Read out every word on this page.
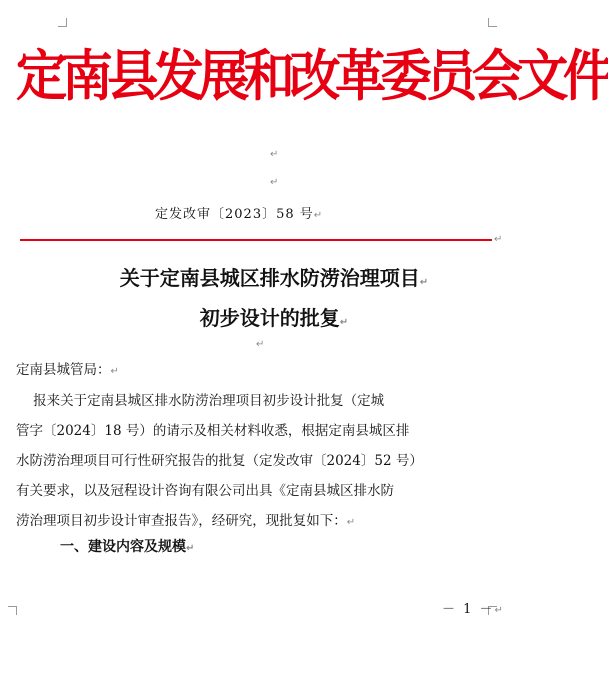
定南县发展和改革委员会文件
↵
↵
定发改审〔2023〕58 号↵
↵
关于定南县城区排水防涝治理项目↵
初步设计的批复↵
↵
定南县城管局：↵
报来关于定南县城区排水防涝治理项目初步设计批复（定城
管字〔2024〕18 号）的请示及相关材料收悉，根据定南县城区排
水防涝治理项目可行性研究报告的批复（定发改审〔2024〕52 号）
有关要求，以及冠程设计咨询有限公司出具《定南县城区排水防
涝治理项目初步设计审查报告》，经研究，现批复如下：↵
一、建设内容及规模↵
－ 1 －↵
